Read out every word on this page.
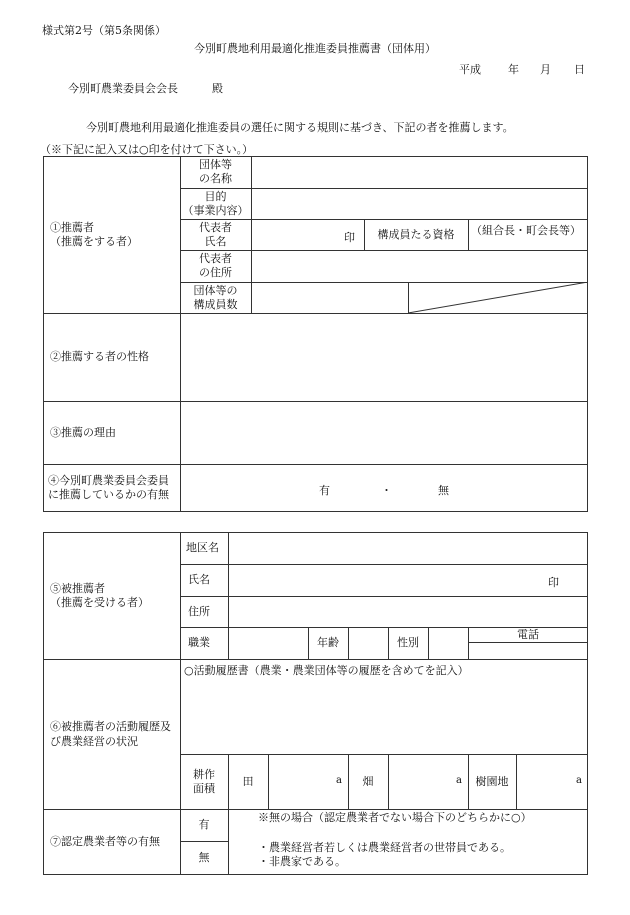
様式第2号（第5条関係）
今別町農地利用最適化推進委員推薦書（団体用）
平成 年 月 日
今別町農業委員会会長	殿
今別町農地利用最適化推進委員の選任に関する規則に基づき、下記の者を推薦します。
（※下記に記入又は○印を付けて下さい。）
①推薦者
（推薦をする者）
団体等
の名称
目的
（事業内容）
代表者
氏名	印	構成員たる資格	（組合長・町会長等）
代表者
の住所
団体等の
構成員数
②推薦する者の性格
③推薦の理由
④今別町農業委員会委員に推薦しているかの有無	有	・	無
⑤被推薦者
（推薦を受ける者）
地区名
氏名	印
住所
職業	年齢	性別
電話
⑥被推薦者の活動履歴及び農業経営の状況
○活動履歴書（農業・農業団体等の履歴を含めてを記入）
耕作
面積
田	a	畑	a	樹園地	a
⑦認定農業者等の有無
有
無
※無の場合（認定農業者でない場合下のどちらかに○）
・農業経営者若しくは農業経営者の世帯員である。
・非農家である。
